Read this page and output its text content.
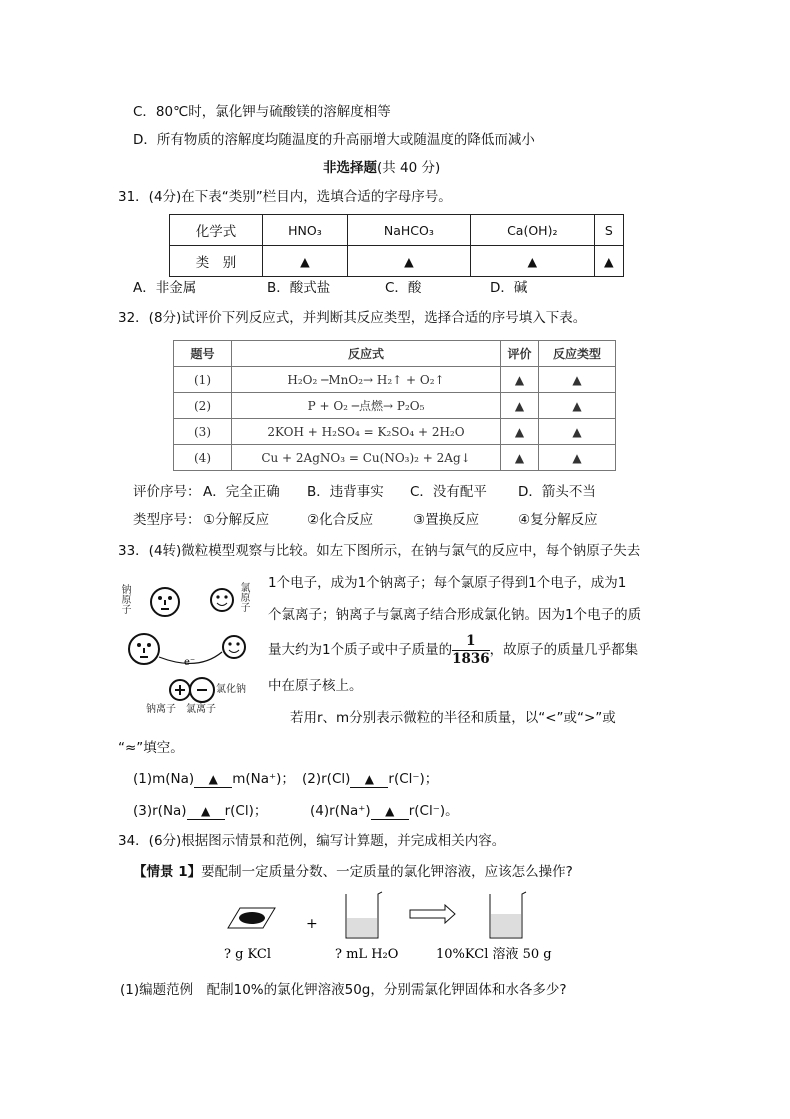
C．80℃时，氯化钾与硫酸镁的溶解度相等
D．所有物质的溶解度均随温度的升高丽增大或随温度的降低而减小
非选择题(共 40 分)
31．(4分)在下表“类别”栏目内，选填合适的字母序号。
化学式	HNO₃	NaHCO₃	Ca(OH)₂	S
类　别	▲	▲	▲	▲
A．非金属	B．酸式盐	C．酸	D．碱
32．(8分)试评价下列反应式，并判断其反应类型，选择合适的序号填入下表。
题号	反应式	评价	反应类型
(1)	H₂O₂ ─MnO₂→ H₂↑ + O₂↑	▲	▲
(2)	P + O₂ ─点燃→ P₂O₅	▲	▲
(3)	2KOH + H₂SO₄ = K₂SO₄ + 2H₂O	▲	▲
(4)	Cu + 2AgNO₃ = Cu(NO₃)₂ + 2Ag↓	▲	▲
评价序号： A．完全正确 B．违背事实 C．没有配平 D．箭头不当
类型序号： ①分解反应	②化合反应	③置换反应	④复分解反应
33．(4转)微粒模型观察与比较。如左下图所示，在钠与氯气的反应中，每个钠原子失去
e⁻
钠原子	氯原子
氯化钠
钠离子 氯离子
1个电子，成为1个钠离子；每个氯原子得到1个电子，成为1
个氯离子；钠离子与氯离子结合形成氯化钠。因为1个电子的质
量大约为1个质子或中子质量的 $\frac{1}{1836}$ ，故原子的质量几乎都集
中在原子核上。
若用r、m分别表示微粒的半径和质量，以“<”或“>”或
“≈”填空。
(1)m(Na) ▲ m(Na⁺)； (2)r(Cl) ▲ r(Cl⁻)；
(3)r(Na) ▲ r(Cl)；	(4)r(Na⁺) ▲ r(Cl⁻)。
34．(6分)根据图示情景和范例，编写计算题，并完成相关内容。
【情景 1】要配制一定质量分数、一定质量的氯化钾溶液，应该怎么操作?
+
? g KCl	? mL H₂O	10%KCl 溶液 50 g
(1)编题范例　配制10%的氯化钾溶液50g，分别需氯化钾固体和水各多少?
